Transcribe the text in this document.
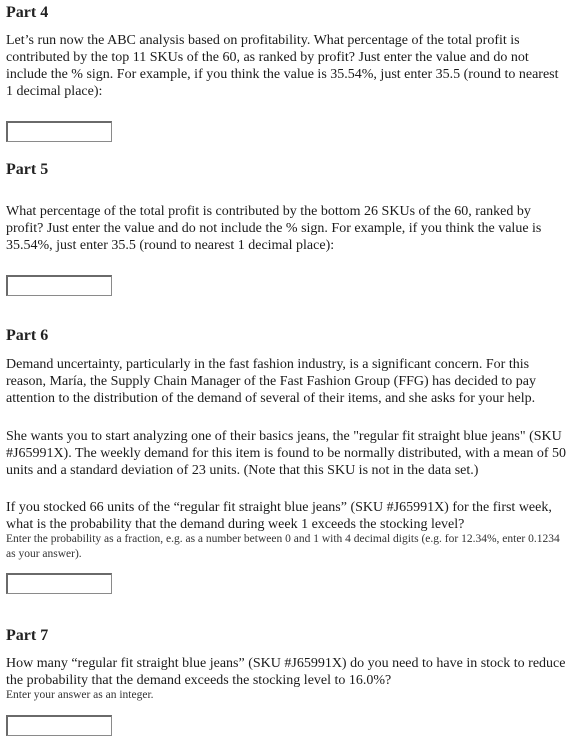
Part 4

Let’s run now the ABC analysis based on profitability. What percentage of the total profit is contributed by the top 11 SKUs of the 60, as ranked by profit? Just enter the value and do not include the % sign. For example, if you think the value is 35.54%, just enter 35.5 (round to nearest 1 decimal place):

Part 5

What percentage of the total profit is contributed by the bottom 26 SKUs of the 60, ranked by profit? Just enter the value and do not include the % sign. For example, if you think the value is 35.54%, just enter 35.5 (round to nearest 1 decimal place):

Part 6

Demand uncertainty, particularly in the fast fashion industry, is a significant concern. For this reason, María, the Supply Chain Manager of the Fast Fashion Group (FFG) has decided to pay attention to the distribution of the demand of several of their items, and she asks for your help.

She wants you to start analyzing one of their basics jeans, the "regular fit straight blue jeans" (SKU #J65991X). The weekly demand for this item is found to be normally distributed, with a mean of 50 units and a standard deviation of 23 units. (Note that this SKU is not in the data set.)

If you stocked 66 units of the “regular fit straight blue jeans” (SKU #J65991X) for the first week, what is the probability that the demand during week 1 exceeds the stocking level?

Enter the probability as a fraction, e.g. as a number between 0 and 1 with 4 decimal digits (e.g. for 12.34%, enter 0.1234 as your answer).

Part 7

How many “regular fit straight blue jeans” (SKU #J65991X) do you need to have in stock to reduce the probability that the demand exceeds the stocking level to 16.0%?

Enter your answer as an integer.
